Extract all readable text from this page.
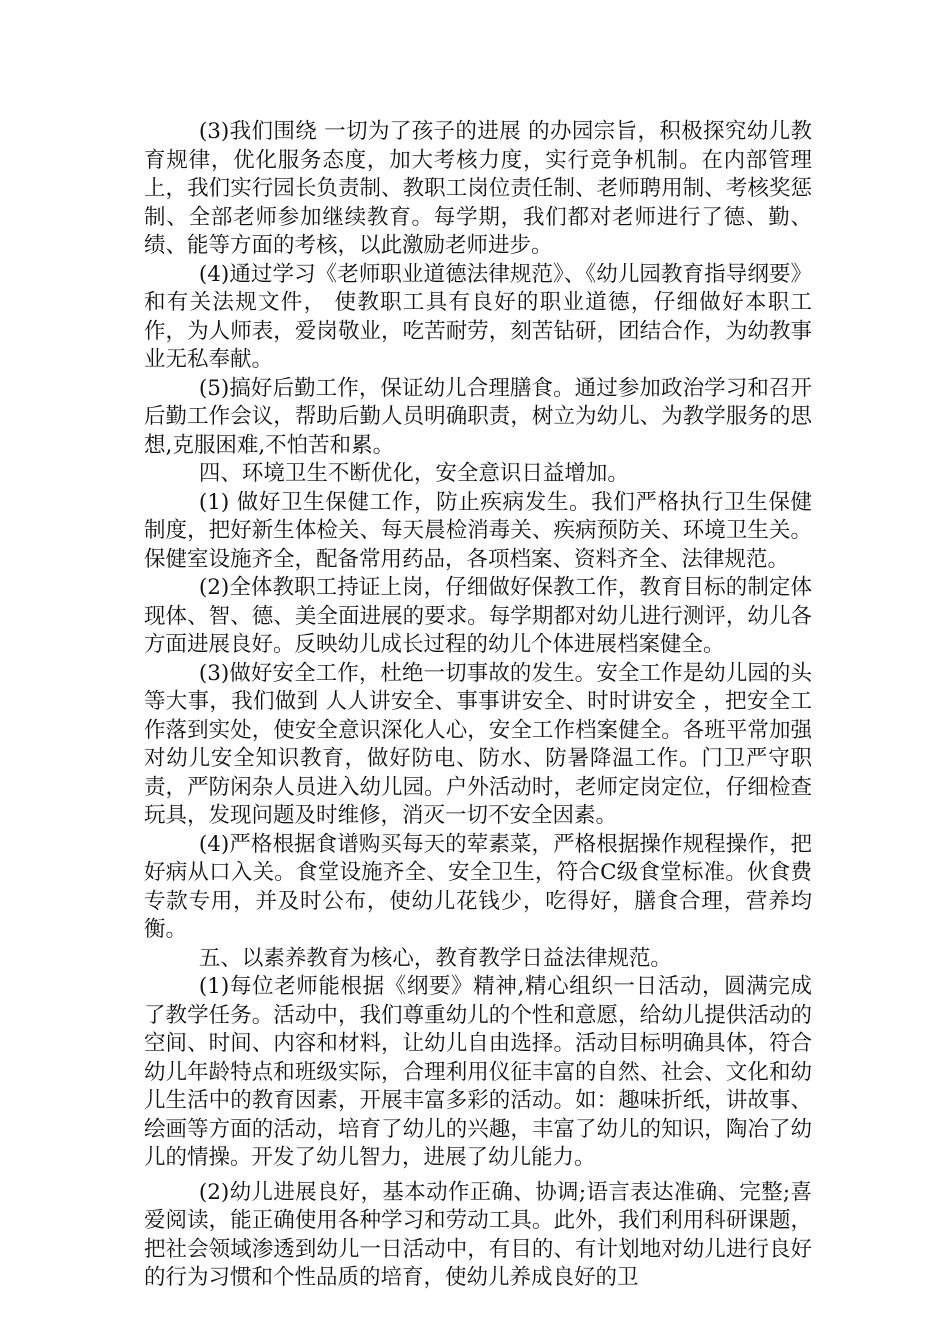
(3)我们围绕 一切为了孩子的进展 的办园宗旨，积极探究幼儿教育规律，优化服务态度，加大考核力度，实行竞争机制。在内部管理上，我们实行园长负责制、教职工岗位责任制、老师聘用制、考核奖惩制、全部老师参加继续教育。每学期，我们都对老师进行了德、勤、绩、能等方面的考核，以此激励老师进步。

(4)通过学习《老师职业道德法律规范》、《幼儿园教育指导纲要》和有关法规文件， 使教职工具有良好的职业道德，仔细做好本职工作，为人师表，爱岗敬业，吃苦耐劳，刻苦钻研，团结合作，为幼教事业无私奉献。

(5)搞好后勤工作，保证幼儿合理膳食。通过参加政治学习和召开后勤工作会议，帮助后勤人员明确职责，树立为幼儿、为教学服务的思想,克服困难,不怕苦和累。

四、环境卫生不断优化，安全意识日益增加。

(1) 做好卫生保健工作，防止疾病发生。我们严格执行卫生保健制度，把好新生体检关、每天晨检消毒关、疾病预防关、环境卫生关。保健室设施齐全，配备常用药品，各项档案、资料齐全、法律规范。

(2)全体教职工持证上岗，仔细做好保教工作，教育目标的制定体现体、智、德、美全面进展的要求。每学期都对幼儿进行测评，幼儿各方面进展良好。反映幼儿成长过程的幼儿个体进展档案健全。

(3)做好安全工作，杜绝一切事故的发生。安全工作是幼儿园的头等大事，我们做到 人人讲安全、事事讲安全、时时讲安全 ，把安全工作落到实处，使安全意识深化人心，安全工作档案健全。各班平常加强对幼儿安全知识教育，做好防电、防水、防暑降温工作。门卫严守职责，严防闲杂人员进入幼儿园。户外活动时，老师定岗定位，仔细检查玩具，发现问题及时维修，消灭一切不安全因素。

(4)严格根据食谱购买每天的荤素菜，严格根据操作规程操作，把好病从口入关。食堂设施齐全、安全卫生，符合C级食堂标准。伙食费专款专用，并及时公布，使幼儿花钱少，吃得好，膳食合理，营养均衡。

五、以素养教育为核心，教育教学日益法律规范。

(1)每位老师能根据《纲要》精神,精心组织一日活动，圆满完成了教学任务。活动中，我们尊重幼儿的个性和意愿，给幼儿提供活动的空间、时间、内容和材料，让幼儿自由选择。活动目标明确具体，符合幼儿年龄特点和班级实际，合理利用仪征丰富的自然、社会、文化和幼儿生活中的教育因素，开展丰富多彩的活动。如：趣味折纸，讲故事、绘画等方面的活动，培育了幼儿的兴趣，丰富了幼儿的知识，陶冶了幼儿的情操。开发了幼儿智力，进展了幼儿能力。

(2)幼儿进展良好，基本动作正确、协调;语言表达准确、完整;喜爱阅读，能正确使用各种学习和劳动工具。此外，我们利用科研课题，把社会领域渗透到幼儿一日活动中，有目的、有计划地对幼儿进行良好的行为习惯和个性品质的培育，使幼儿养成良好的卫
